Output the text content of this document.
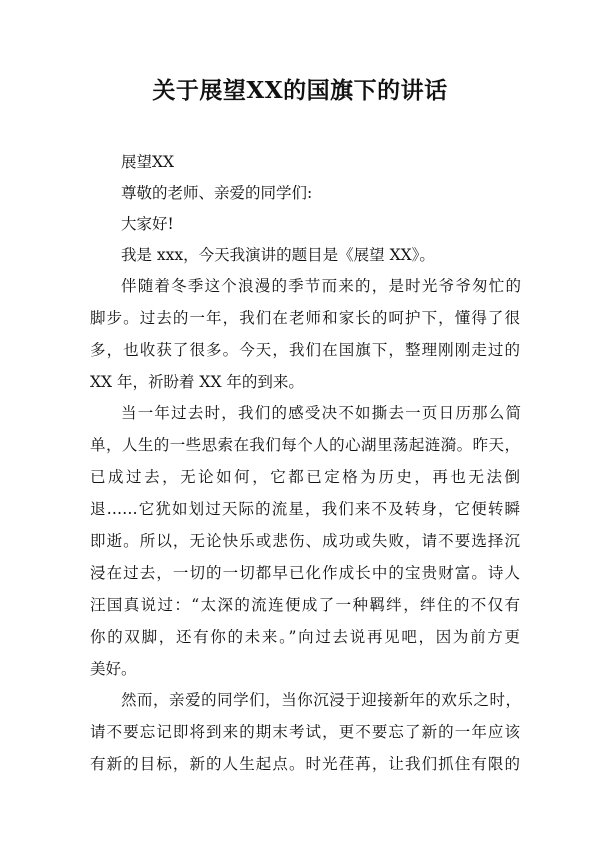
关于展望XX的国旗下的讲话
展望XX
尊敬的老师、亲爱的同学们:
大家好!
我是 xxx，今天我演讲的题目是《展望 XX》。
伴随着冬季这个浪漫的季节而来的，是时光爷爷匆忙的
脚步。过去的一年，我们在老师和家长的呵护下，懂得了很
多，也收获了很多。今天，我们在国旗下，整理刚刚走过的
XX 年，祈盼着 XX 年的到来。
当一年过去时，我们的感受决不如撕去一页日历那么简
单，人生的一些思索在我们每个人的心湖里荡起涟漪。昨天，
已成过去，无论如何，它都已定格为历史，再也无法倒
退……它犹如划过天际的流星，我们来不及转身，它便转瞬
即逝。所以，无论快乐或悲伤、成功或失败，请不要选择沉
浸在过去，一切的一切都早已化作成长中的宝贵财富。诗人
汪国真说过：“太深的流连便成了一种羁绊，绊住的不仅有
你的双脚，还有你的未来。”向过去说再见吧，因为前方更
美好。
然而，亲爱的同学们，当你沉浸于迎接新年的欢乐之时，
请不要忘记即将到来的期末考试，更不要忘了新的一年应该
有新的目标，新的人生起点。时光荏苒，让我们抓住有限的
